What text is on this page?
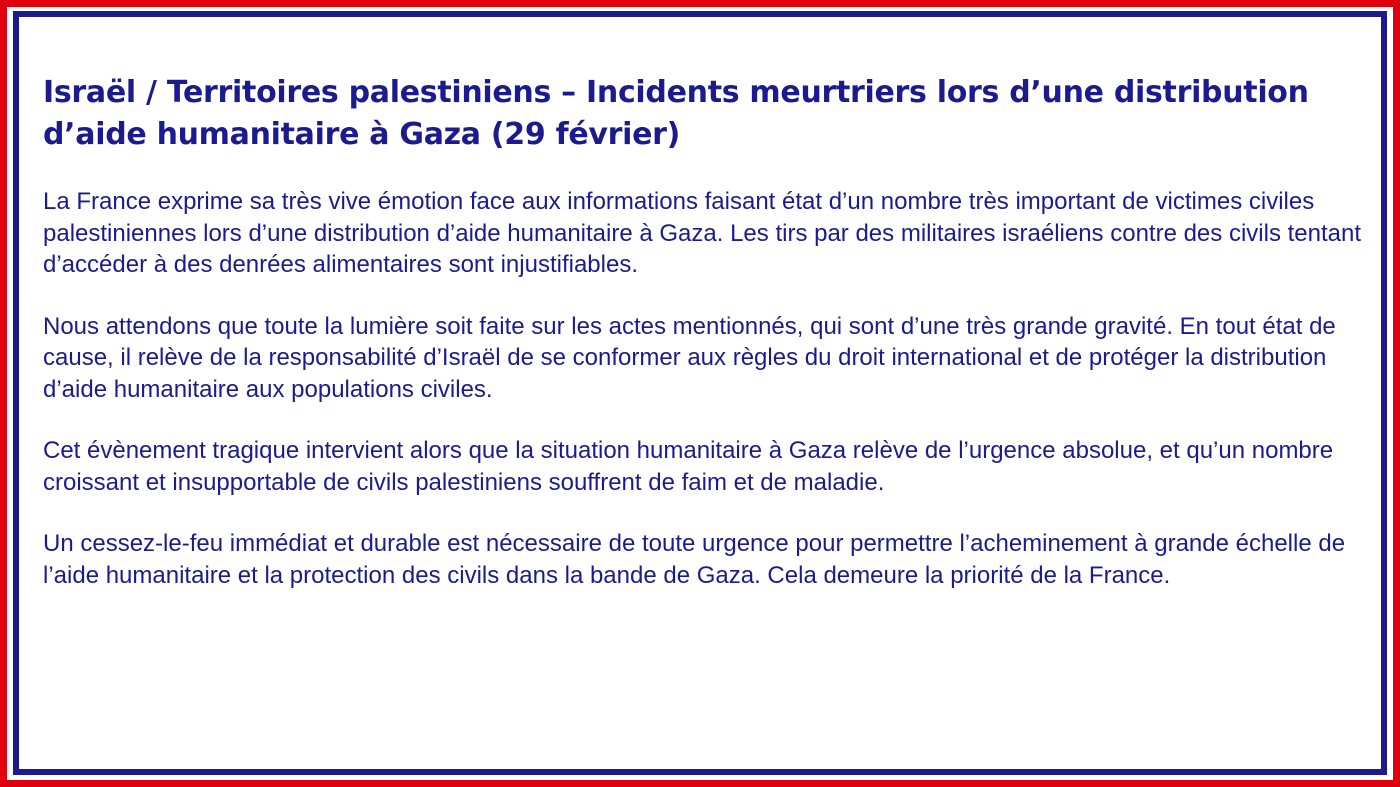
Israël / Territoires palestiniens – Incidents meurtriers lors d’une distribution d’aide humanitaire à Gaza (29 février)

La France exprime sa très vive émotion face aux informations faisant état d’un nombre très important de victimes civiles palestiniennes lors d’une distribution d’aide humanitaire à Gaza. Les tirs par des militaires israéliens contre des civils tentant d’accéder à des denrées alimentaires sont injustifiables.

Nous attendons que toute la lumière soit faite sur les actes mentionnés, qui sont d’une très grande gravité. En tout état de cause, il relève de la responsabilité d’Israël de se conformer aux règles du droit international et de protéger la distribution d’aide humanitaire aux populations civiles.

Cet évènement tragique intervient alors que la situation humanitaire à Gaza relève de l’urgence absolue, et qu’un nombre croissant et insupportable de civils palestiniens souffrent de faim et de maladie.

Un cessez-le-feu immédiat et durable est nécessaire de toute urgence pour permettre l’acheminement à grande échelle de l’aide humanitaire et la protection des civils dans la bande de Gaza. Cela demeure la priorité de la France.
